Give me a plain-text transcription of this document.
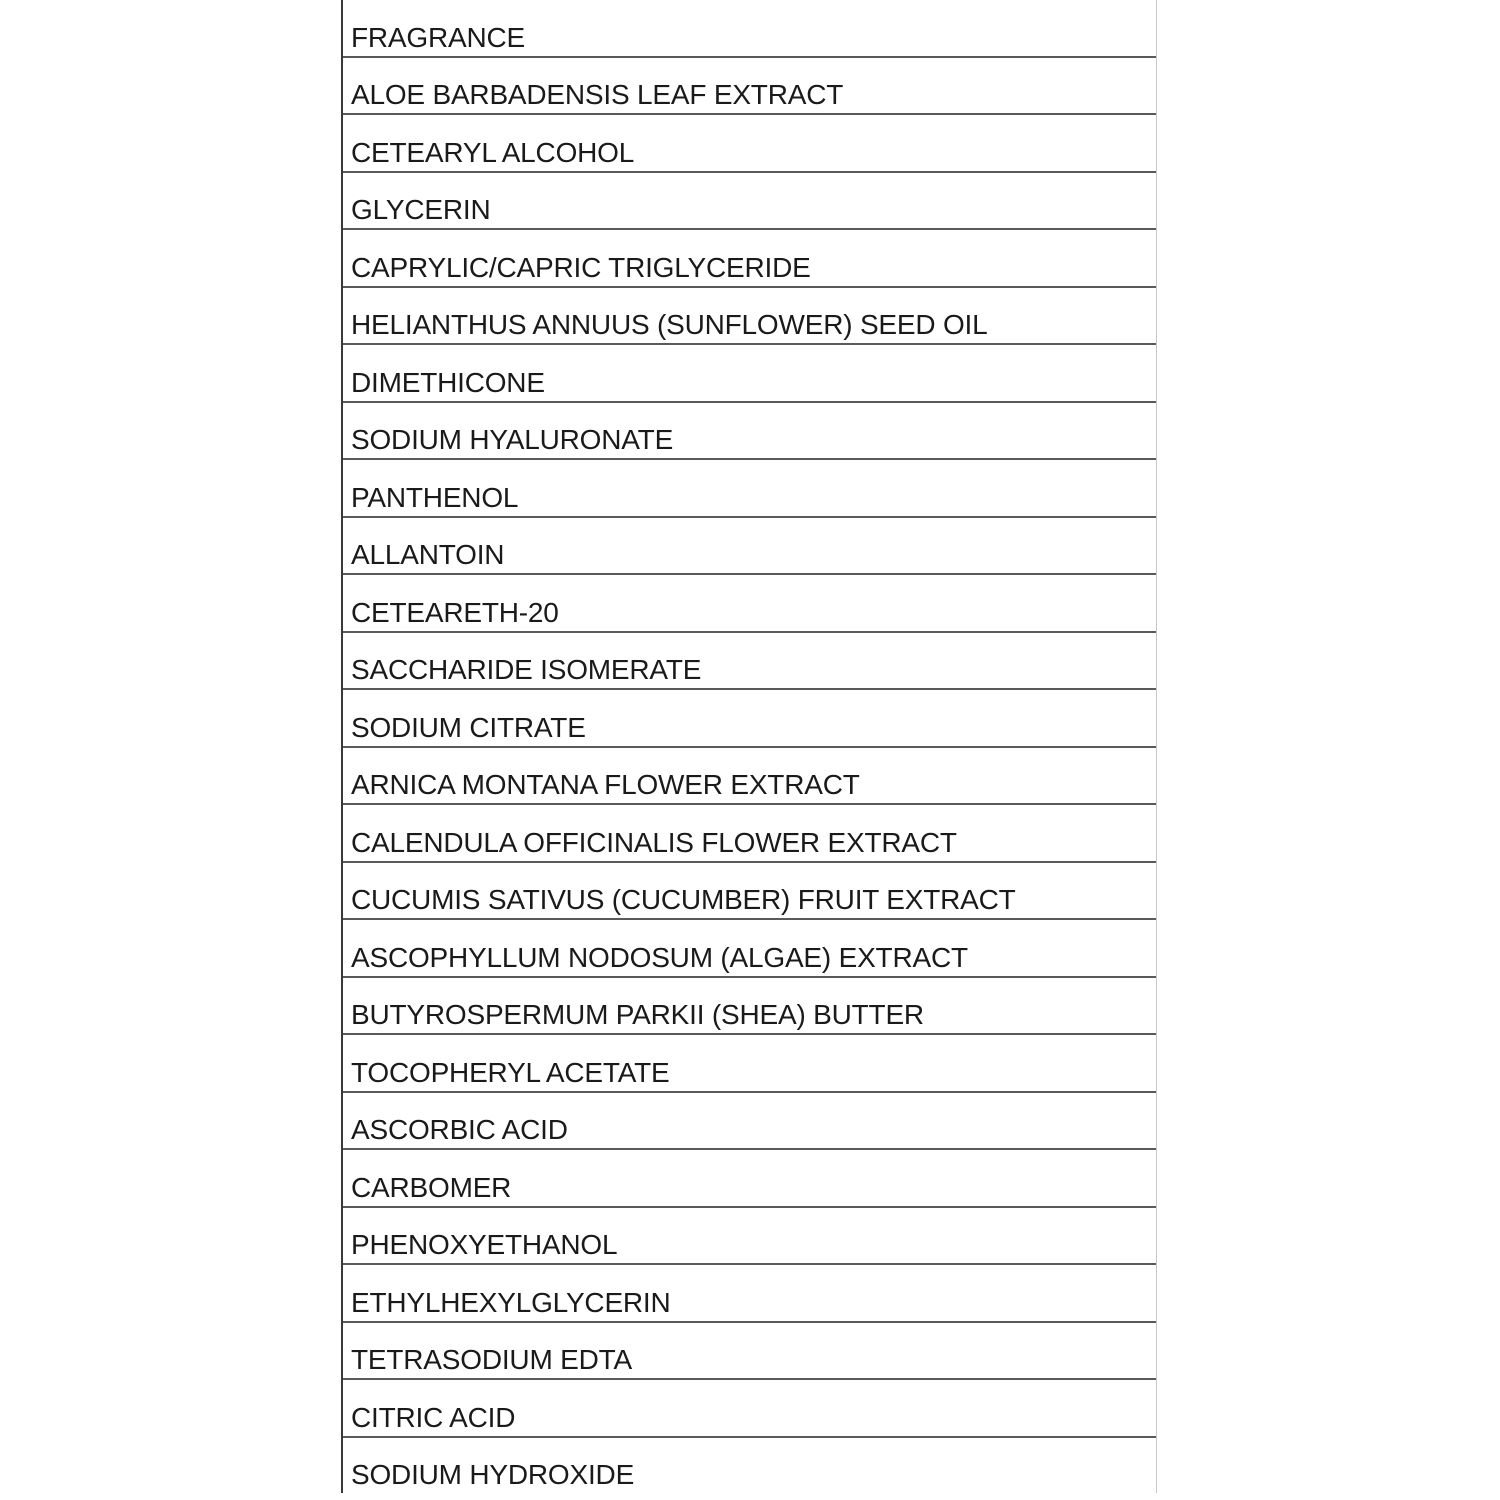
FRAGRANCE
ALOE BARBADENSIS LEAF EXTRACT
CETEARYL ALCOHOL
GLYCERIN
CAPRYLIC/CAPRIC TRIGLYCERIDE
HELIANTHUS ANNUUS (SUNFLOWER) SEED OIL
DIMETHICONE
SODIUM HYALURONATE
PANTHENOL
ALLANTOIN
CETEARETH-20
SACCHARIDE ISOMERATE
SODIUM CITRATE
ARNICA MONTANA FLOWER EXTRACT
CALENDULA OFFICINALIS FLOWER EXTRACT
CUCUMIS SATIVUS (CUCUMBER) FRUIT EXTRACT
ASCOPHYLLUM NODOSUM (ALGAE) EXTRACT
BUTYROSPERMUM PARKII (SHEA) BUTTER
TOCOPHERYL ACETATE
ASCORBIC ACID
CARBOMER
PHENOXYETHANOL
ETHYLHEXYLGLYCERIN
TETRASODIUM EDTA
CITRIC ACID
SODIUM HYDROXIDE
